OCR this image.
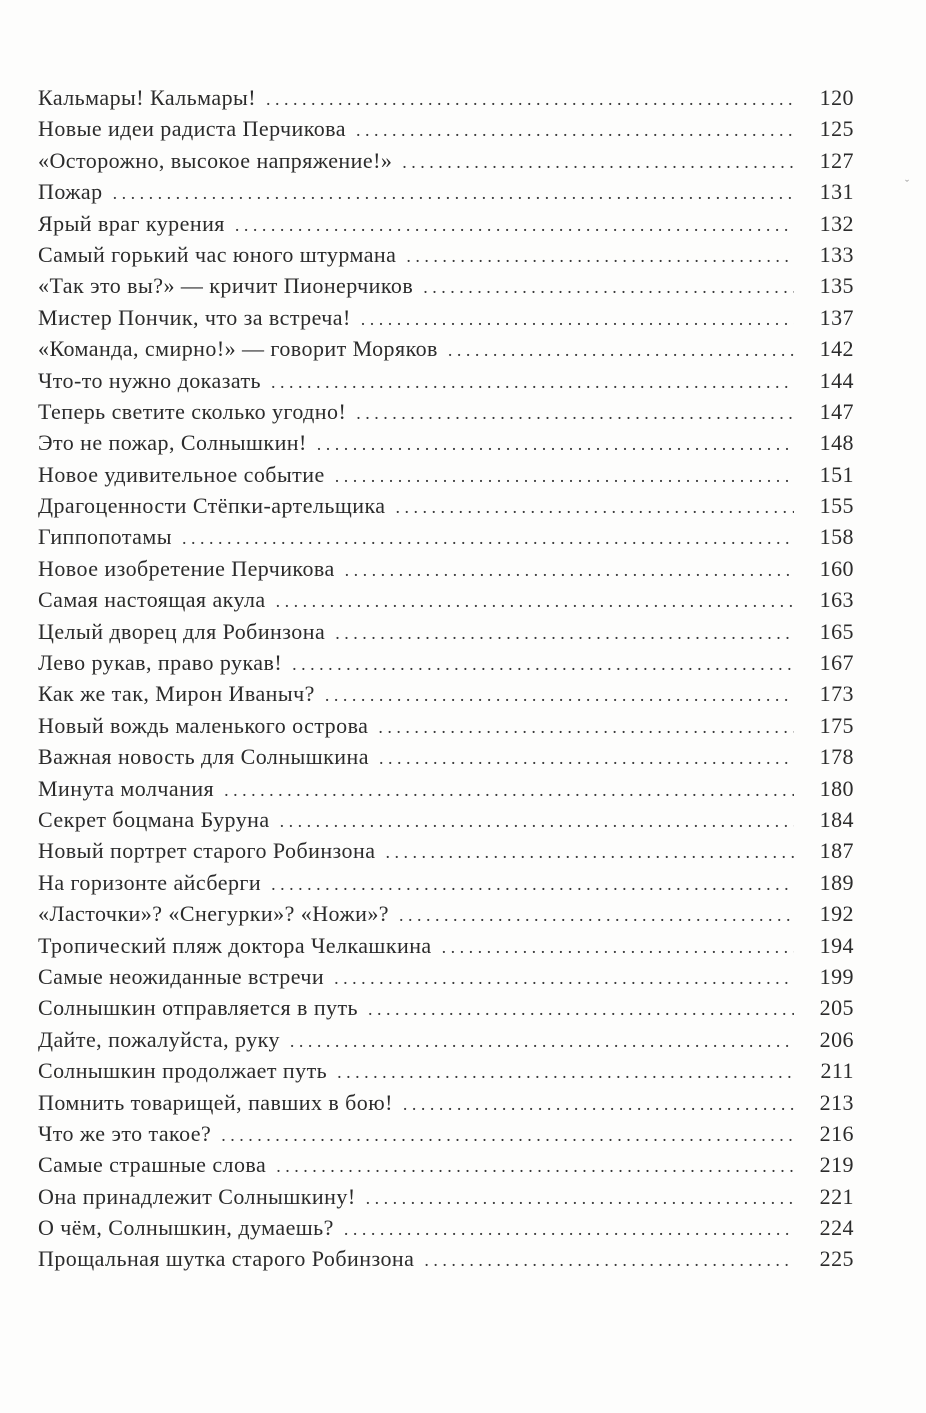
Кальмары! Кальмары! . . .	120
Новые идеи радиста Перчикова . . .	125
«Осторожно, высокое напряжение!» . . .	127
Пожар . . .	131
Ярый враг курения . . .	132
Самый горький час юного штурмана . . .	133
«Так это вы?» — кричит Пионерчиков . . .	135
Мистер Пончик, что за встреча! . . .	137
«Команда, смирно!» — говорит Моряков . . .	142
Что-то нужно доказать . . .	144
Теперь светите сколько угодно! . . .	147
Это не пожар, Солнышкин! . . .	148
Новое удивительное событие . . .	151
Драгоценности Стёпки-артельщика . . .	155
Гиппопотамы . . .	158
Новое изобретение Перчикова . . .	160
Самая настоящая акула . . .	163
Целый дворец для Робинзона . . .	165
Лево рукав, право рукав! . . .	167
Как же так, Мирон Иваныч? . . .	173
Новый вождь маленького острова . . .	175
Важная новость для Солнышкина . . .	178
Минута молчания . . .	180
Секрет боцмана Буруна . . .	184
Новый портрет старого Робинзона . . .	187
На горизонте айсберги . . .	189
«Ласточки»? «Снегурки»? «Ножи»? . . .	192
Тропический пляж доктора Челкашкина . . .	194
Самые неожиданные встречи . . .	199
Солнышкин отправляется в путь . . .	205
Дайте, пожалуйста, руку . . .	206
Солнышкин продолжает путь . . .	211
Помнить товарищей, павших в бою! . . .	213
Что же это такое? . . .	216
Самые страшные слова . . .	219
Она принадлежит Солнышкину! . . .	221
О чём, Солнышкин, думаешь? . . .	224
Прощальная шутка старого Робинзона . . .	225
ˇ
